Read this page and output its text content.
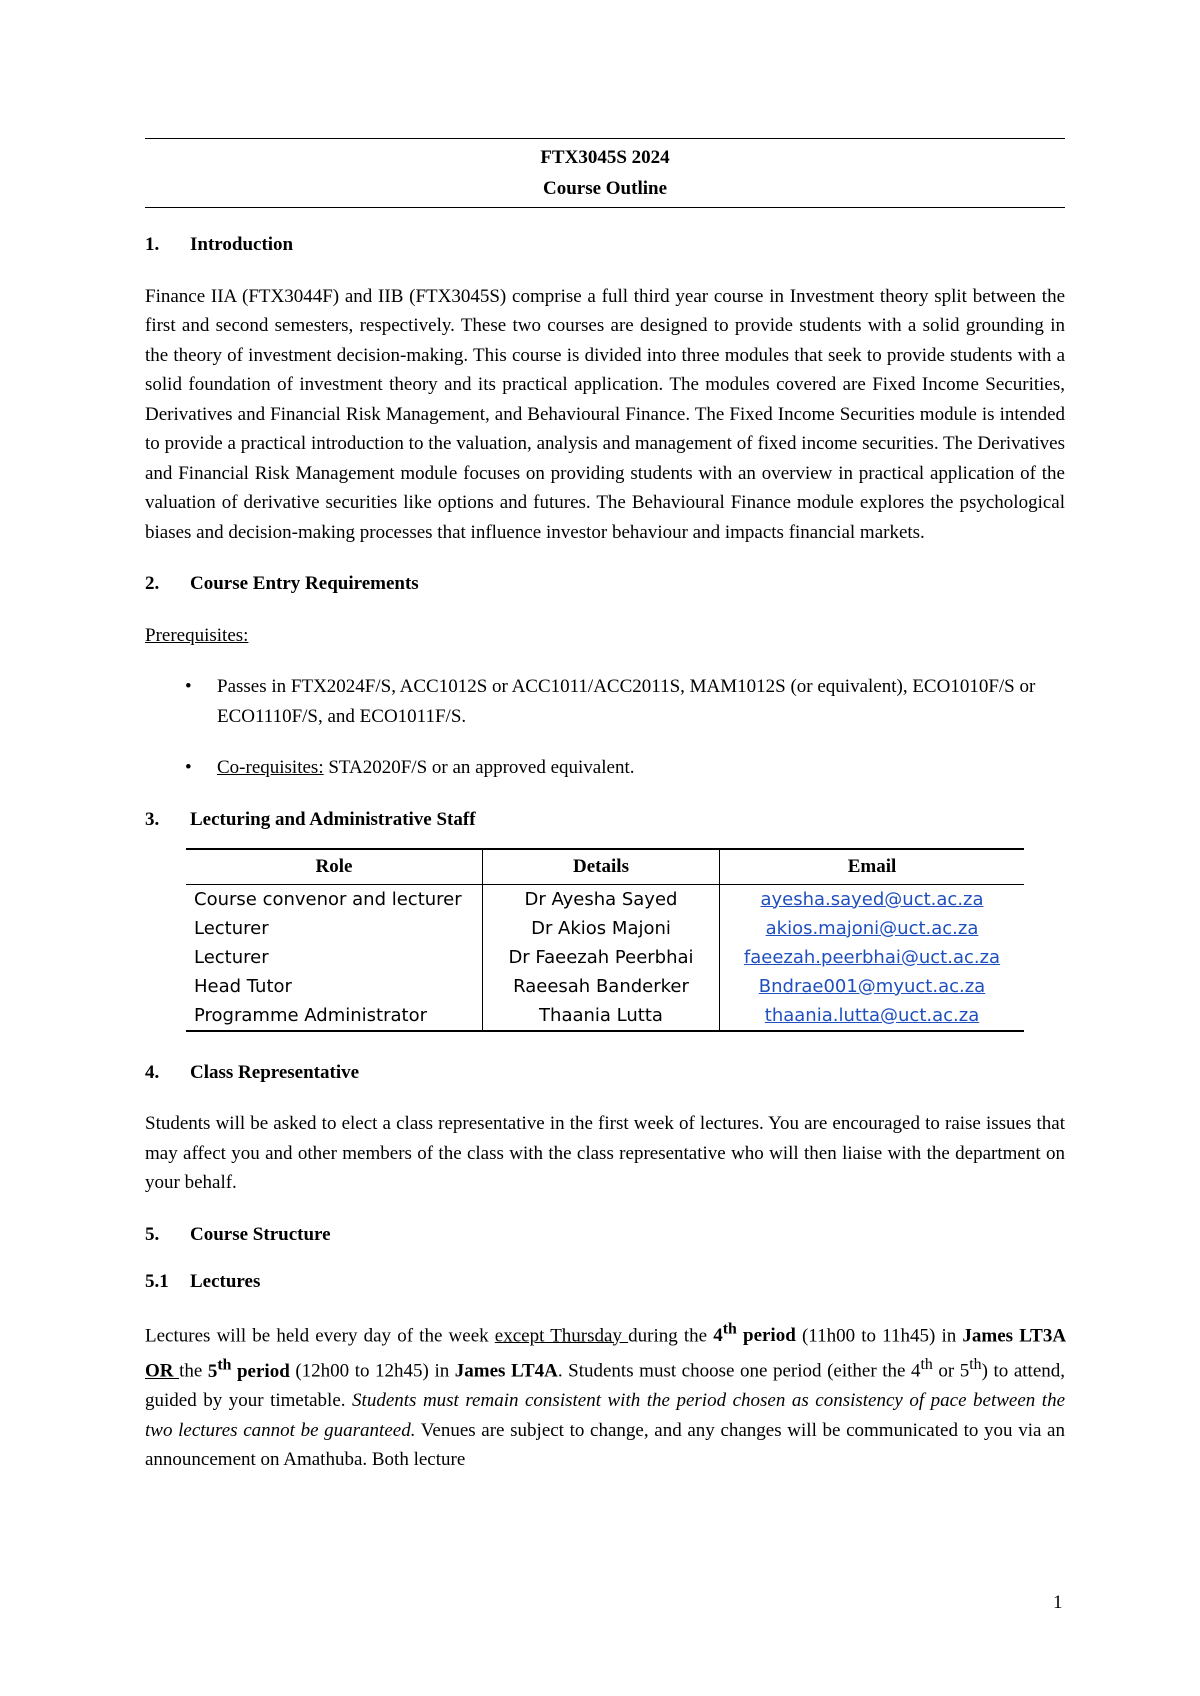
FTX3045S 2024
Course Outline
1.	Introduction
Finance IIA (FTX3044F) and IIB (FTX3045S) comprise a full third year course in Investment theory split between the first and second semesters, respectively. These two courses are designed to provide students with a solid grounding in the theory of investment decision-making. This course is divided into three modules that seek to provide students with a solid foundation of investment theory and its practical application. The modules covered are Fixed Income Securities, Derivatives and Financial Risk Management, and Behavioural Finance. The Fixed Income Securities module is intended to provide a practical introduction to the valuation, analysis and management of fixed income securities. The Derivatives and Financial Risk Management module focuses on providing students with an overview in practical application of the valuation of derivative securities like options and futures. The Behavioural Finance module explores the psychological biases and decision-making processes that influence investor behaviour and impacts financial markets.
2.	Course Entry Requirements
Prerequisites:
• Passes in FTX2024F/S, ACC1012S or ACC1011/ACC2011S, MAM1012S (or equivalent), ECO1010F/S or ECO1110F/S, and ECO1011F/S.
• Co-requisites: STA2020F/S or an approved equivalent.
3.	Lecturing and Administrative Staff
Role	Details	Email
Course convenor and lecturer	Dr Ayesha Sayed	ayesha.sayed@uct.ac.za
Lecturer	Dr Akios Majoni	akios.majoni@uct.ac.za
Lecturer	Dr Faeezah Peerbhai	faeezah.peerbhai@uct.ac.za
Head Tutor	Raeesah Banderker	Bndrae001@myuct.ac.za
Programme Administrator	Thaania Lutta	thaania.lutta@uct.ac.za
4.	Class Representative
Students will be asked to elect a class representative in the first week of lectures. You are encouraged to raise issues that may affect you and other members of the class with the class representative who will then liaise with the department on your behalf.
5.	Course Structure
5.1	Lectures
Lectures will be held every day of the week except Thursday during the 4th period (11h00 to 11h45) in James LT3A OR the 5th period (12h00 to 12h45) in James LT4A. Students must choose one period (either the 4th or 5th) to attend, guided by your timetable. Students must remain consistent with the period chosen as consistency of pace between the two lectures cannot be guaranteed. Venues are subject to change, and any changes will be communicated to you via an announcement on Amathuba. Both lecture
1
